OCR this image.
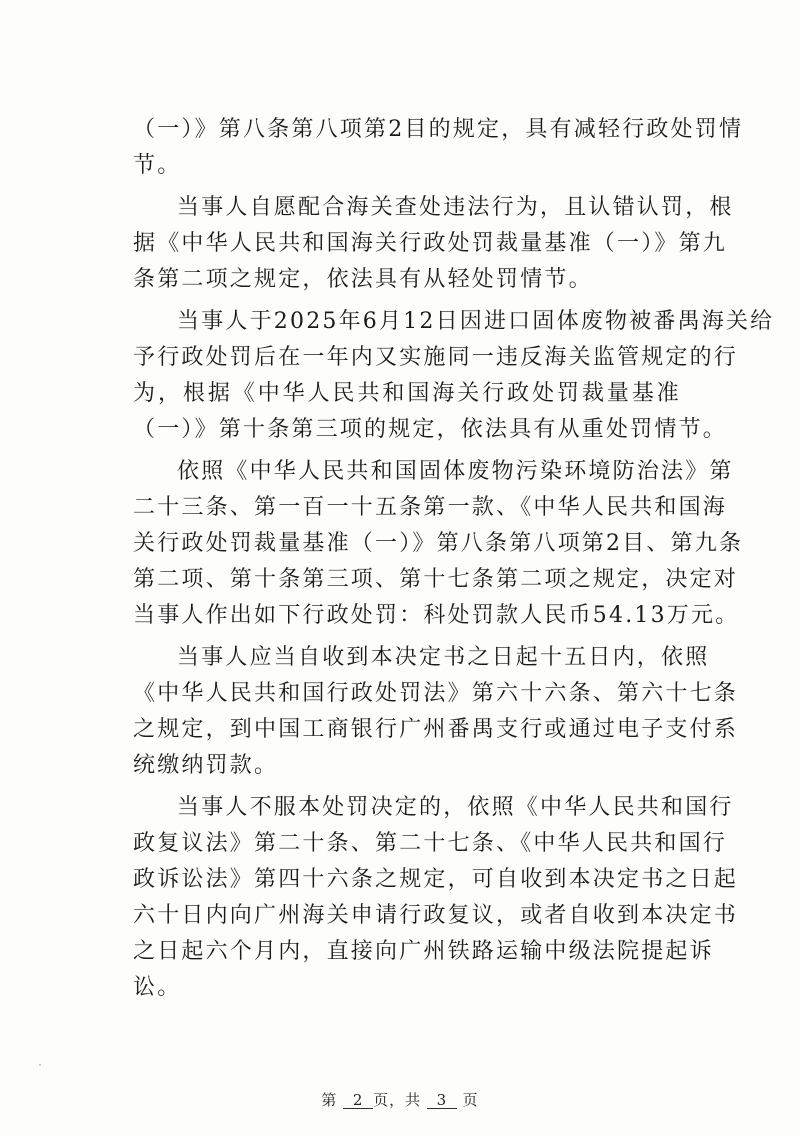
（一）》第八条第八项第2目的规定，具有减轻行政处罚情
节。
当事人自愿配合海关查处违法行为，且认错认罚，根
据《中华人民共和国海关行政处罚裁量基准（一）》第九
条第二项之规定，依法具有从轻处罚情节。
当事人于2025年6月12日因进口固体废物被番禺海关给
予行政处罚后在一年内又实施同一违反海关监管规定的行
为，根据《中华人民共和国海关行政处罚裁量基准
（一）》第十条第三项的规定，依法具有从重处罚情节。
依照《中华人民共和国固体废物污染环境防治法》第
二十三条、第一百一十五条第一款、《中华人民共和国海
关行政处罚裁量基准（一）》第八条第八项第2目、第九条
第二项、第十条第三项、第十七条第二项之规定，决定对
当事人作出如下行政处罚：科处罚款人民币54.13万元。
当事人应当自收到本决定书之日起十五日内，依照
《中华人民共和国行政处罚法》第六十六条、第六十七条
之规定，到中国工商银行广州番禺支行或通过电子支付系
统缴纳罚款。
当事人不服本处罚决定的，依照《中华人民共和国行
政复议法》第二十条、第二十七条、《中华人民共和国行
政诉讼法》第四十六条之规定，可自收到本决定书之日起
六十日内向广州海关申请行政复议，或者自收到本决定书
之日起六个月内，直接向广州铁路运输中级法院提起诉
讼。
第 2 页，共 3 页
